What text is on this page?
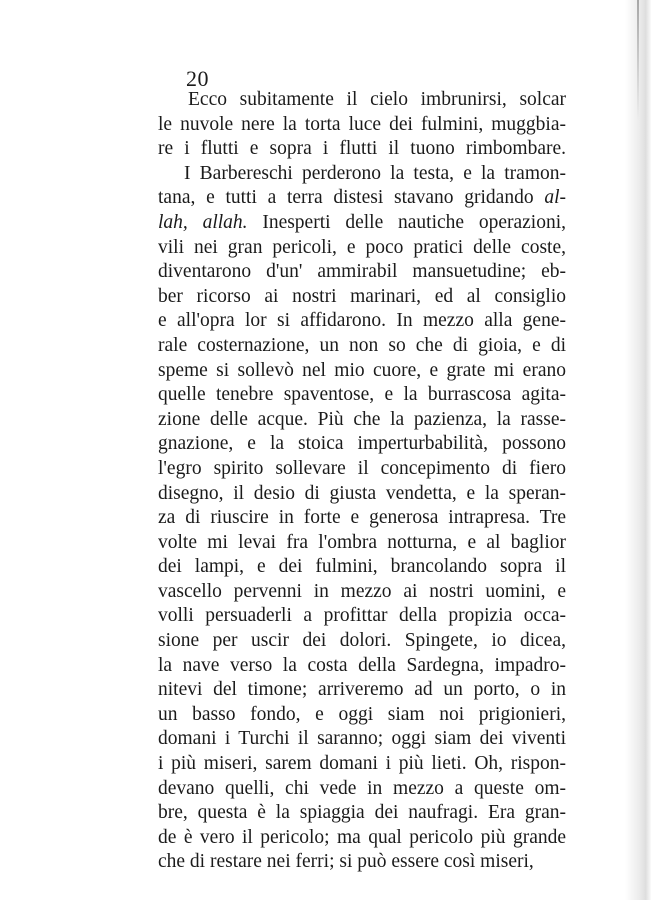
20

Ecco subitamente il cielo imbrunirsi, solcar
le nuvole nere la torta luce dei fulmini, muggbia-
re i flutti e sopra i flutti il tuono rimbombare.
I Barbereschi perderono la testa, e la tramon-
tana, e tutti a terra distesi stavano gridando al-
lah, allah. Inesperti delle nautiche operazioni,
vili nei gran pericoli, e poco pratici delle coste,
diventarono d'un' ammirabil mansuetudine; eb-
ber ricorso ai nostri marinari, ed al consiglio
e all'opra lor si affidarono. In mezzo alla gene-
rale costernazione, un non so che di gioia, e di
speme si sollevò nel mio cuore, e grate mi erano
quelle tenebre spaventose, e la burrascosa agita-
zione delle acque. Più che la pazienza, la rasse-
gnazione, e la stoica imperturbabilità, possono
l'egro spirito sollevare il concepimento di fiero
disegno, il desio di giusta vendetta, e la speran-
za di riuscire in forte e generosa intrapresa. Tre
volte mi levai fra l'ombra notturna, e al baglior
dei lampi, e dei fulmini, brancolando sopra il
vascello pervenni in mezzo ai nostri uomini, e
volli persuaderli a profittar della propizia occa-
sione per uscir dei dolori. Spingete, io dicea,
la nave verso la costa della Sardegna, impadro-
nitevi del timone; arriveremo ad un porto, o in
un basso fondo, e oggi siam noi prigionieri,
domani i Turchi il saranno; oggi siam dei viventi
i più miseri, sarem domani i più lieti. Oh, rispon-
devano quelli, chi vede in mezzo a queste om-
bre, questa è la spiaggia dei naufragi. Era gran-
de è vero il pericolo; ma qual pericolo più grande
che di restare nei ferri; si può essere così miseri,
